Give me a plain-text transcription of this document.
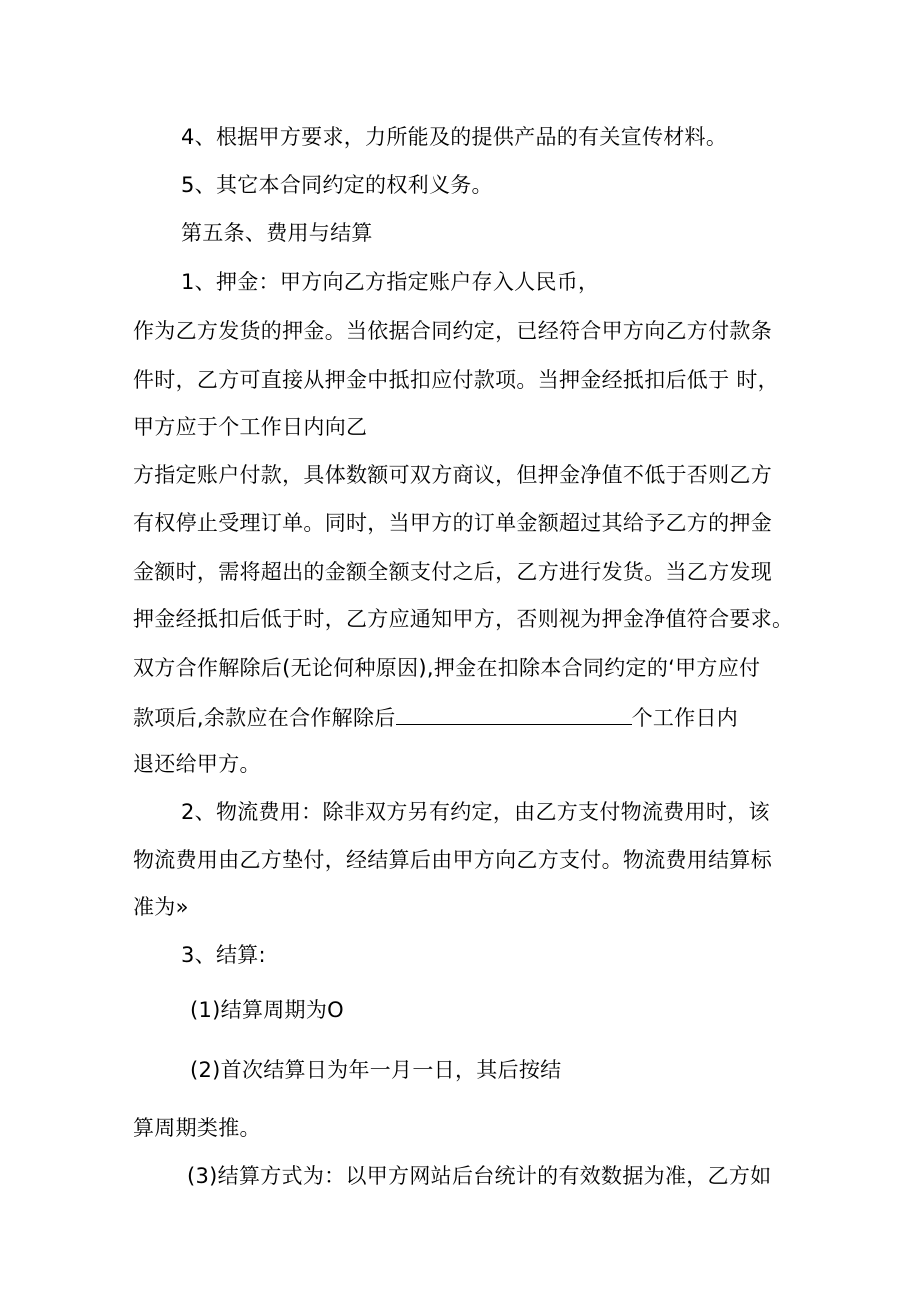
4、根据甲方要求，力所能及的提供产品的有关宣传材料。
5、其它本合同约定的权利义务。
第五条、费用与结算
1、押金：甲方向乙方指定账户存入人民币，
作为乙方发货的押金。当依据合同约定，已经符合甲方向乙方付款条
件时，乙方可直接从押金中抵扣应付款项。当押金经抵扣后低于 时，
甲方应于个工作日内向乙
方指定账户付款，具体数额可双方商议，但押金净值不低于否则乙方
有权停止受理订单。同时，当甲方的订单金额超过其给予乙方的押金
金额时，需将超出的金额全额支付之后，乙方进行发货。当乙方发现
押金经抵扣后低于时，乙方应通知甲方，否则视为押金净值符合要求。
双方合作解除后(无论何种原因),押金在扣除本合同约定的‘甲方应付
款项后,余款应在合作解除后	个工作日内
退还给甲方。
2、物流费用：除非双方另有约定，由乙方支付物流费用时，该
物流费用由乙方垫付，经结算后由甲方向乙方支付。物流费用结算标
准为»
3、结算:
(1)结算周期为O
(2)首次结算日为年一月一日，其后按结
算周期类推。
(3)结算方式为：以甲方网站后台统计的有效数据为准，乙方如
